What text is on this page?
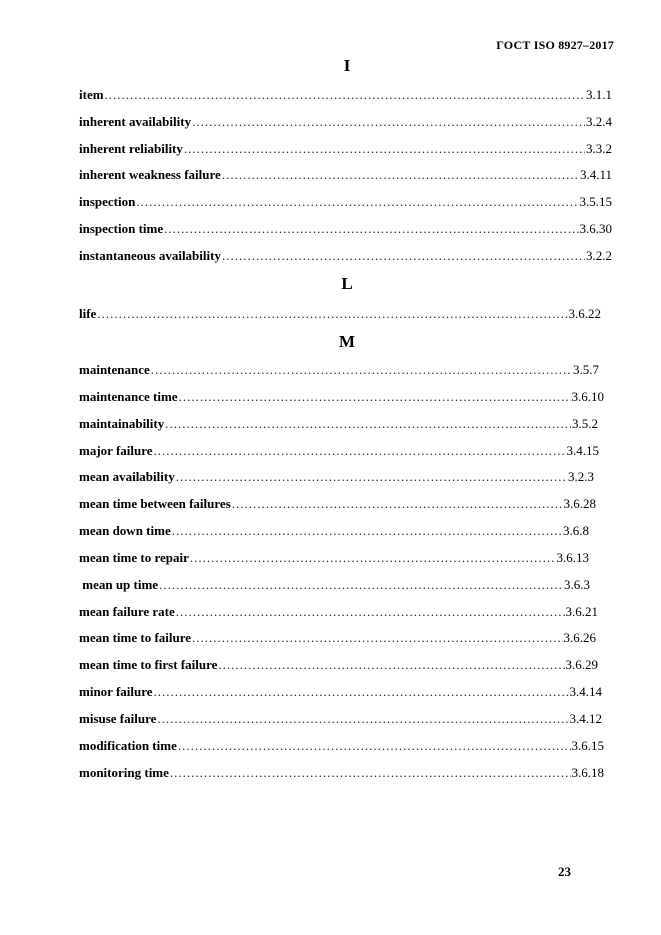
ГОСТ ISO 8927–2017
I
item .....	3.1.1
inherent availability .....	3.2.4
inherent reliability .....	3.3.2
inherent weakness failure .....	3.4.11
inspection .....	3.5.15
inspection time .....	3.6.30
instantaneous availability .....	3.2.2
L
life .....	3.6.22
M
maintenance .....	3.5.7
maintenance time .....	3.6.10
maintainability .....	3.5.2
major failure .....	3.4.15
mean availability .....	3.2.3
mean time between failures .....	3.6.28
mean down time .....	3.6.8
mean time to repair .....	3.6.13
mean up time .....	3.6.3
mean failure rate .....	3.6.21
mean time to failure .....	3.6.26
mean time to first failure .....	3.6.29
minor failure .....	3.4.14
misuse failure .....	3.4.12
modification time .....	3.6.15
monitoring time .....	3.6.18
23
